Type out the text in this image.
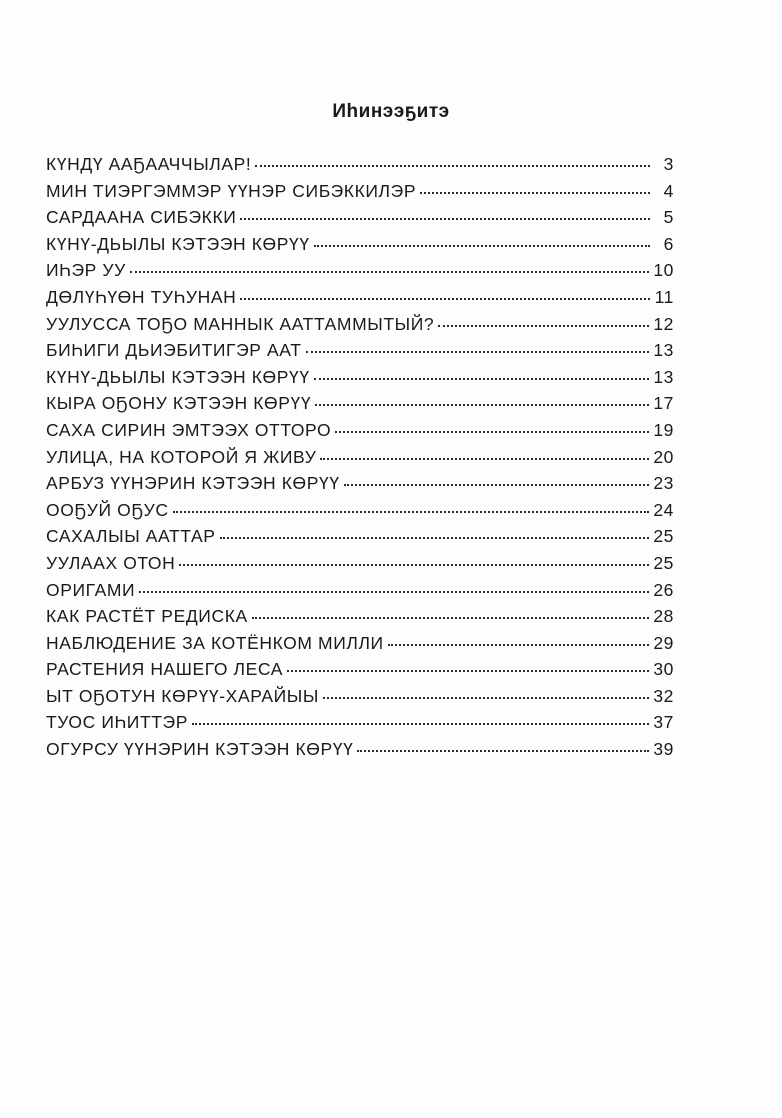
Иһинээҕитэ
КҮНДҮ ААҔААЧЧЫЛАР!	3
МИН ТИЭРГЭММЭР ҮҮНЭР СИБЭККИЛЭР	4
САРДААНА СИБЭККИ	5
КҮНҮ-ДЬЫЛЫ КЭТЭЭН КӨРҮҮ	6
ИҺЭР УУ	10
ДӨЛҮҺҮӨН ТУҺУНАН	11
УУЛУССА ТОҔО МАННЫК ААТТАММЫТЫЙ?	12
БИҺИГИ ДЬИЭБИТИГЭР ААТ	13
КҮНҮ-ДЬЫЛЫ КЭТЭЭН КӨРҮҮ	13
КЫРА ОҔОНУ КЭТЭЭН КӨРҮҮ	17
САХА СИРИН ЭМТЭЭХ ОТТОРО	19
УЛИЦА, НА КОТОРОЙ Я ЖИВУ	20
АРБУЗ ҮҮНЭРИН КЭТЭЭН КӨРҮҮ	23
ООҔУЙ ОҔУС	24
САХАЛЫЫ ААТТАР	25
УУЛААХ ОТОН	25
ОРИГАМИ	26
КАК РАСТЁТ РЕДИСКА	28
НАБЛЮДЕНИЕ ЗА КОТЁНКОМ МИЛЛИ	29
РАСТЕНИЯ НАШЕГО ЛЕСА	30
ЫТ ОҔОТУН КӨРҮҮ-ХАРАЙЫЫ	32
ТУОС ИҺИТТЭР	37
ОГУРСУ ҮҮНЭРИН КЭТЭЭН КӨРҮҮ	39
